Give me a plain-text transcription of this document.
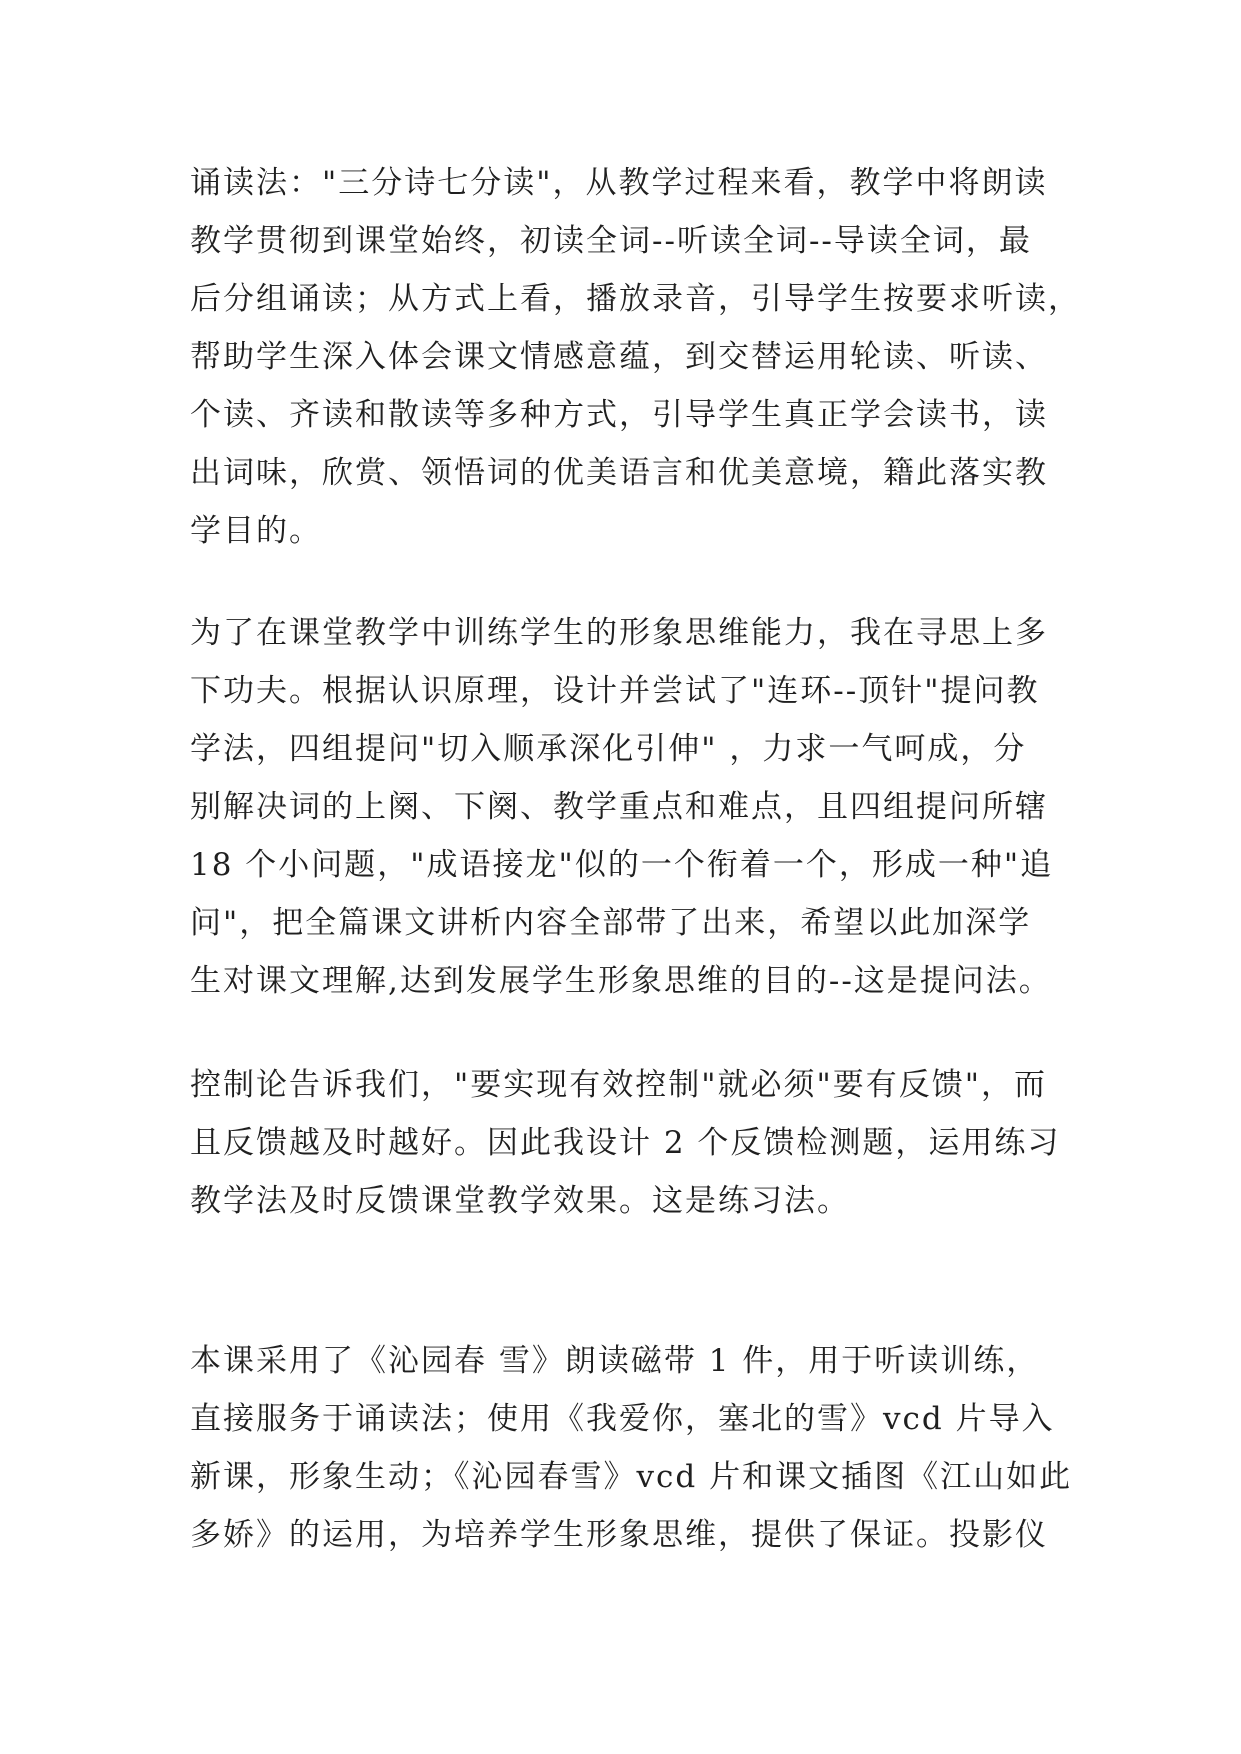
诵读法："三分诗七分读"，从教学过程来看，教学中将朗读
教学贯彻到课堂始终，初读全词--听读全词--导读全词，最
后分组诵读；从方式上看，播放录音，引导学生按要求听读，
帮助学生深入体会课文情感意蕴，到交替运用轮读、听读、
个读、齐读和散读等多种方式，引导学生真正学会读书，读
出词味，欣赏、领悟词的优美语言和优美意境，籍此落实教
学目的。
为了在课堂教学中训练学生的形象思维能力，我在寻思上多
下功夫。根据认识原理，设计并尝试了"连环--顶针"提问教
学法，四组提问"切入顺承深化引伸" ，力求一气呵成，分
别解决词的上阕、下阕、教学重点和难点，且四组提问所辖
18 个小问题，"成语接龙"似的一个衔着一个，形成一种"追
问"，把全篇课文讲析内容全部带了出来，希望以此加深学
生对课文理解,达到发展学生形象思维的目的--这是提问法。
控制论告诉我们，"要实现有效控制"就必须"要有反馈"，而
且反馈越及时越好。因此我设计 2 个反馈检测题，运用练习
教学法及时反馈课堂教学效果。这是练习法。
本课采用了《沁园春 雪》朗读磁带 1 件，用于听读训练，
直接服务于诵读法；使用《我爱你，塞北的雪》vcd 片导入
新课，形象生动；《沁园春雪》vcd 片和课文插图《江山如此
多娇》的运用，为培养学生形象思维，提供了保证。投影仪
